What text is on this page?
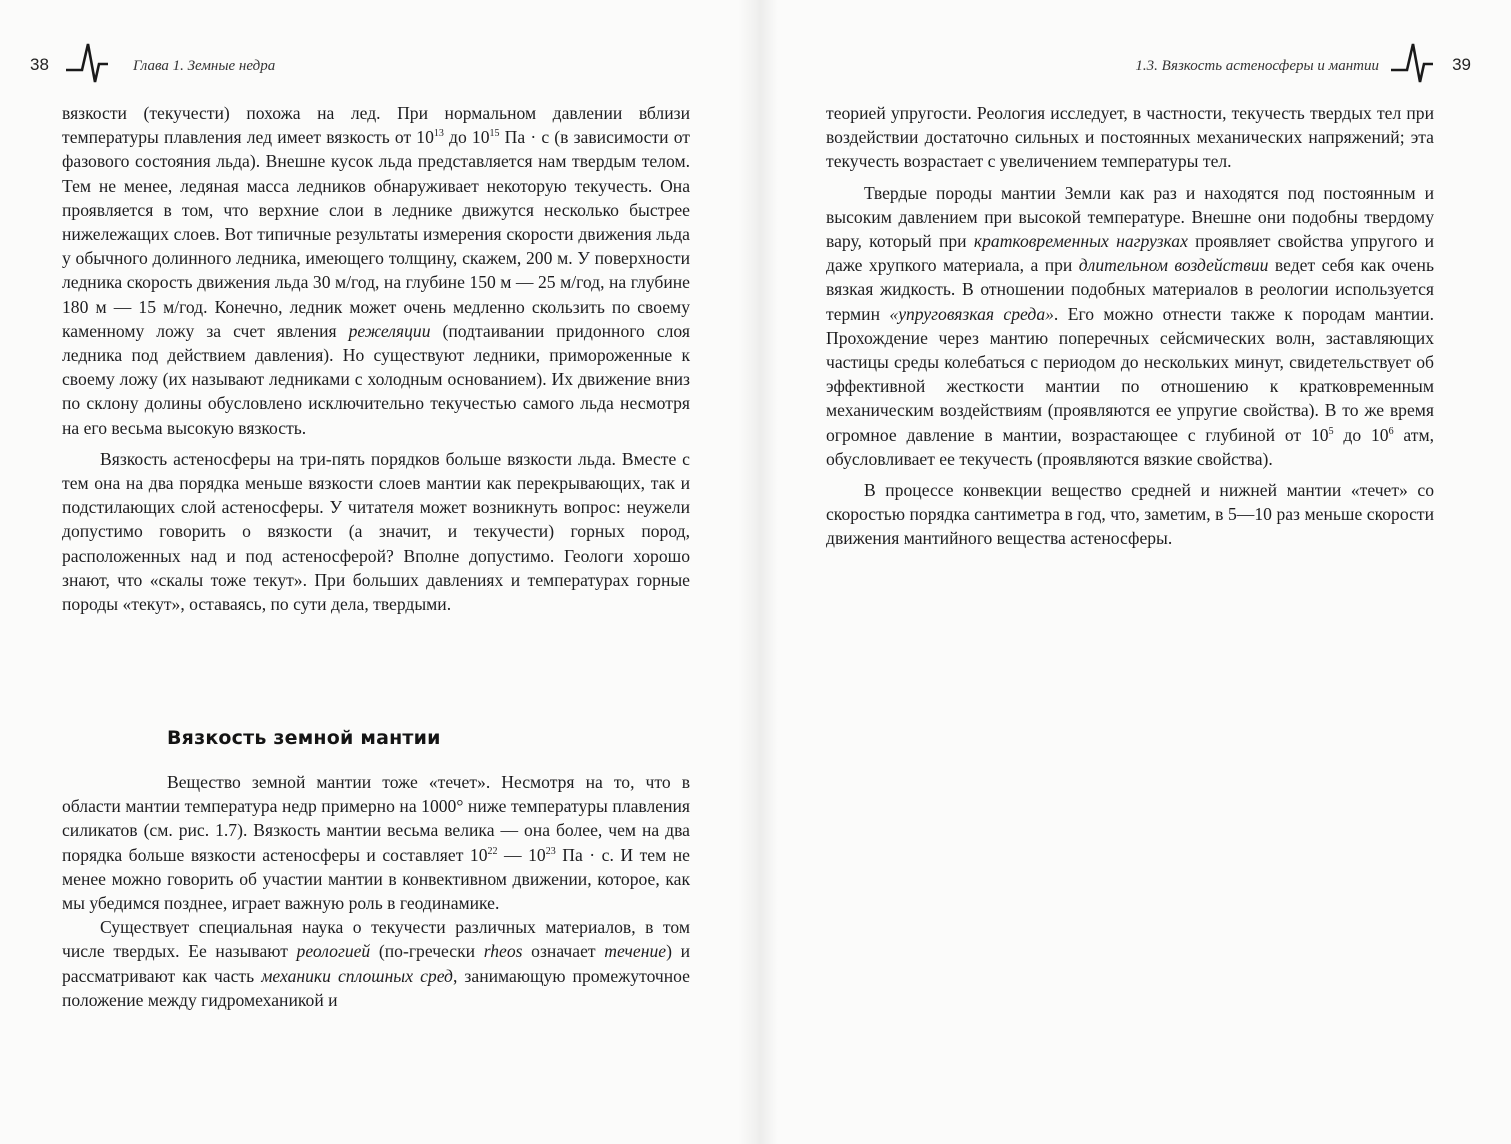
38	Глава 1. Земные недра

вязкости (текучести) похожа на лед. При нормальном давлении вблизи температуры плавления лед имеет вязкость от $10^{13}$ до $10^{15}$ Па · с (в зависимости от фазового состояния льда). Внешне кусок льда представляется нам твердым телом. Тем не менее, ледяная масса ледников обнаруживает некоторую текучесть. Она проявляется в том, что верхние слои в леднике движутся несколько быстрее нижележащих слоев. Вот типичные результаты измерения скорости движения льда у обычного долинного ледника, имеющего толщину, скажем, 200 м. У поверхности ледника скорость движения льда 30 м/год, на глубине 150 м — 25 м/год, на глубине 180 м — 15 м/год. Конечно, ледник может очень медленно скользить по своему каменному ложу за счет явления режеляции (подтаивании придонного слоя ледника под действием давления). Но существуют ледники, примороженные к своему ложу (их называют ледниками с холодным основанием). Их движение вниз по склону долины обусловлено исключительно текучестью самого льда несмотря на его весьма высокую вязкость.

Вязкость астеносферы на три-пять порядков больше вязкости льда. Вместе с тем она на два порядка меньше вязкости слоев мантии как перекрывающих, так и подстилающих слой астеносферы. У читателя может возникнуть вопрос: неужели допустимо говорить о вязкости (а значит, и текучести) горных пород, расположенных над и под астеносферой? Вполне допустимо. Геологи хорошо знают, что «скалы тоже текут». При больших давлениях и температурах горные породы «текут», оставаясь, по сути дела, твердыми.

Вязкость земной мантии

Вещество земной мантии тоже «течет». Несмотря на то, что в области мантии температура недр примерно на 1000° ниже температуры плавления силикатов (см. рис. 1.7). Вязкость мантии весьма велика — она более, чем на два порядка больше вязкости астеносферы и составляет $10^{22}$ — $10^{23}$ Па · с. И тем не менее можно говорить об участии мантии в конвективном движении, которое, как мы убедимся позднее, играет важную роль в геодинамике.

Существует специальная наука о текучести различных материалов, в том числе твердых. Ее называют реологией (по-гречески rheos означает течение) и рассматривают как часть механики сплошных сред, занимающую промежуточное положение между гидромеханикой и

1.3. Вязкость астеносферы и мантии	39

теорией упругости. Реология исследует, в частности, текучесть твердых тел при воздействии достаточно сильных и постоянных механических напряжений; эта текучесть возрастает с увеличением температуры тел.

Твердые породы мантии Земли как раз и находятся под постоянным и высоким давлением при высокой температуре. Внешне они подобны твердому вару, который при кратковременных нагрузках проявляет свойства упругого и даже хрупкого материала, а при длительном воздействии ведет себя как очень вязкая жидкость. В отношении подобных материалов в реологии используется термин «упруговязкая среда». Его можно отнести также к породам мантии. Прохождение через мантию поперечных сейсмических волн, заставляющих частицы среды колебаться с периодом до нескольких минут, свидетельствует об эффективной жесткости мантии по отношению к кратковременным механическим воздействиям (проявляются ее упругие свойства). В то же время огромное давление в мантии, возрастающее с глубиной от $10^5$ до $10^6$ атм, обусловливает ее текучесть (проявляются вязкие свойства).

В процессе конвекции вещество средней и нижней мантии «течет» со скоростью порядка сантиметра в год, что, заметим, в 5—10 раз меньше скорости движения мантийного вещества астеносферы.
